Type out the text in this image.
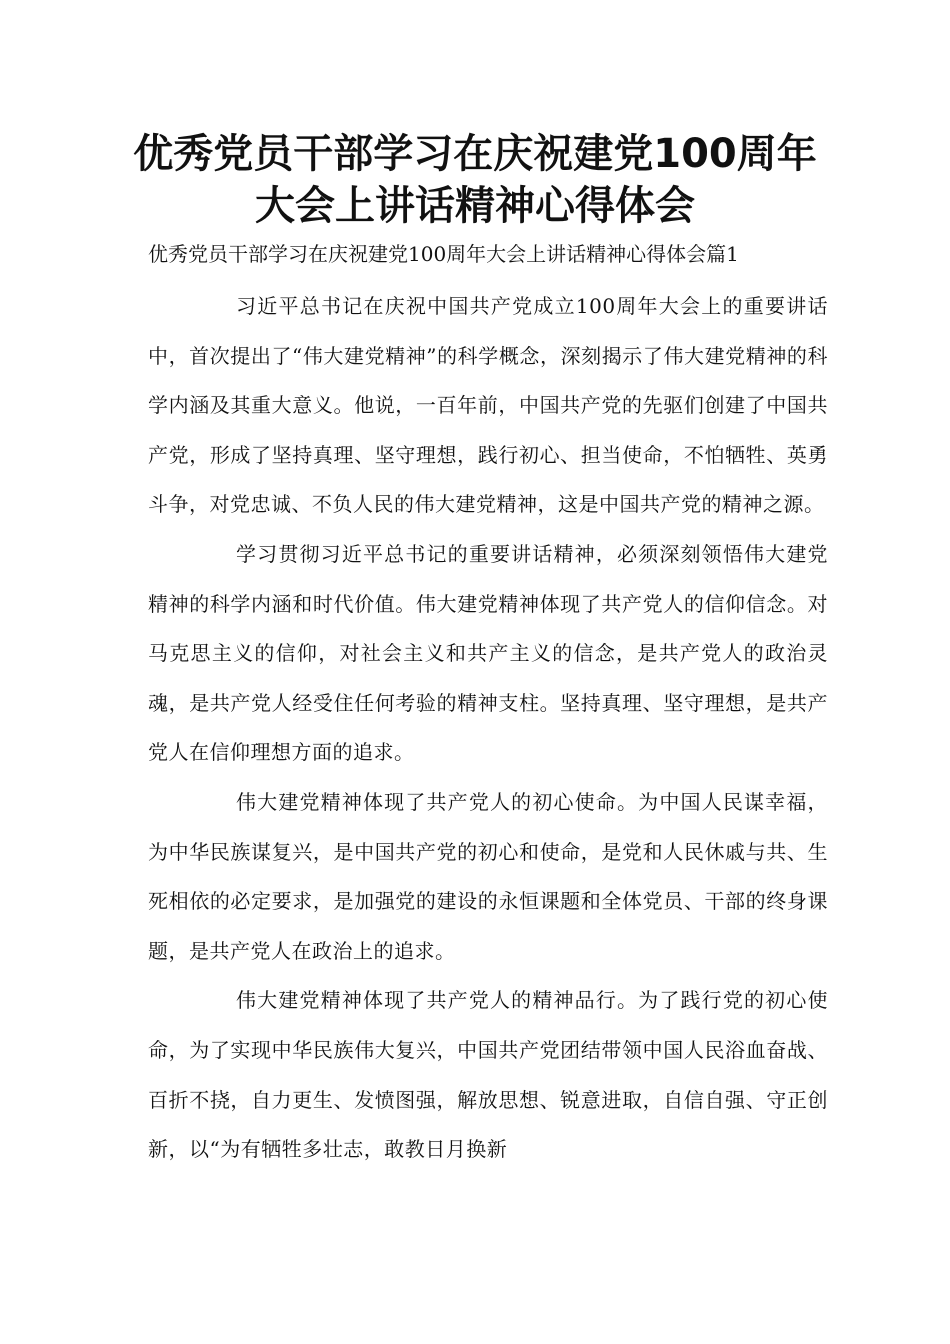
优秀党员干部学习在庆祝建党100周年
大会上讲话精神心得体会

优秀党员干部学习在庆祝建党100周年大会上讲话精神心得体会篇1

习近平总书记在庆祝中国共产党成立100周年大会上的重要讲话中，首次提出了“伟大建党精神”的科学概念，深刻揭示了伟大建党精神的科学内涵及其重大意义。他说，一百年前，中国共产党的先驱们创建了中国共产党，形成了坚持真理、坚守理想，践行初心、担当使命，不怕牺牲、英勇斗争，对党忠诚、不负人民的伟大建党精神，这是中国共产党的精神之源。

学习贯彻习近平总书记的重要讲话精神，必须深刻领悟伟大建党精神的科学内涵和时代价值。伟大建党精神体现了共产党人的信仰信念。对马克思主义的信仰，对社会主义和共产主义的信念，是共产党人的政治灵魂，是共产党人经受住任何考验的精神支柱。坚持真理、坚守理想，是共产党人在信仰理想方面的追求。

伟大建党精神体现了共产党人的初心使命。为中国人民谋幸福，为中华民族谋复兴，是中国共产党的初心和使命，是党和人民休戚与共、生死相依的必定要求，是加强党的建设的永恒课题和全体党员、干部的终身课题，是共产党人在政治上的追求。

伟大建党精神体现了共产党人的精神品行。为了践行党的初心使命，为了实现中华民族伟大复兴，中国共产党团结带领中国人民浴血奋战、百折不挠，自力更生、发愤图强，解放思想、锐意进取，自信自强、守正创新，以“为有牺牲多壮志，敢教日月换新
